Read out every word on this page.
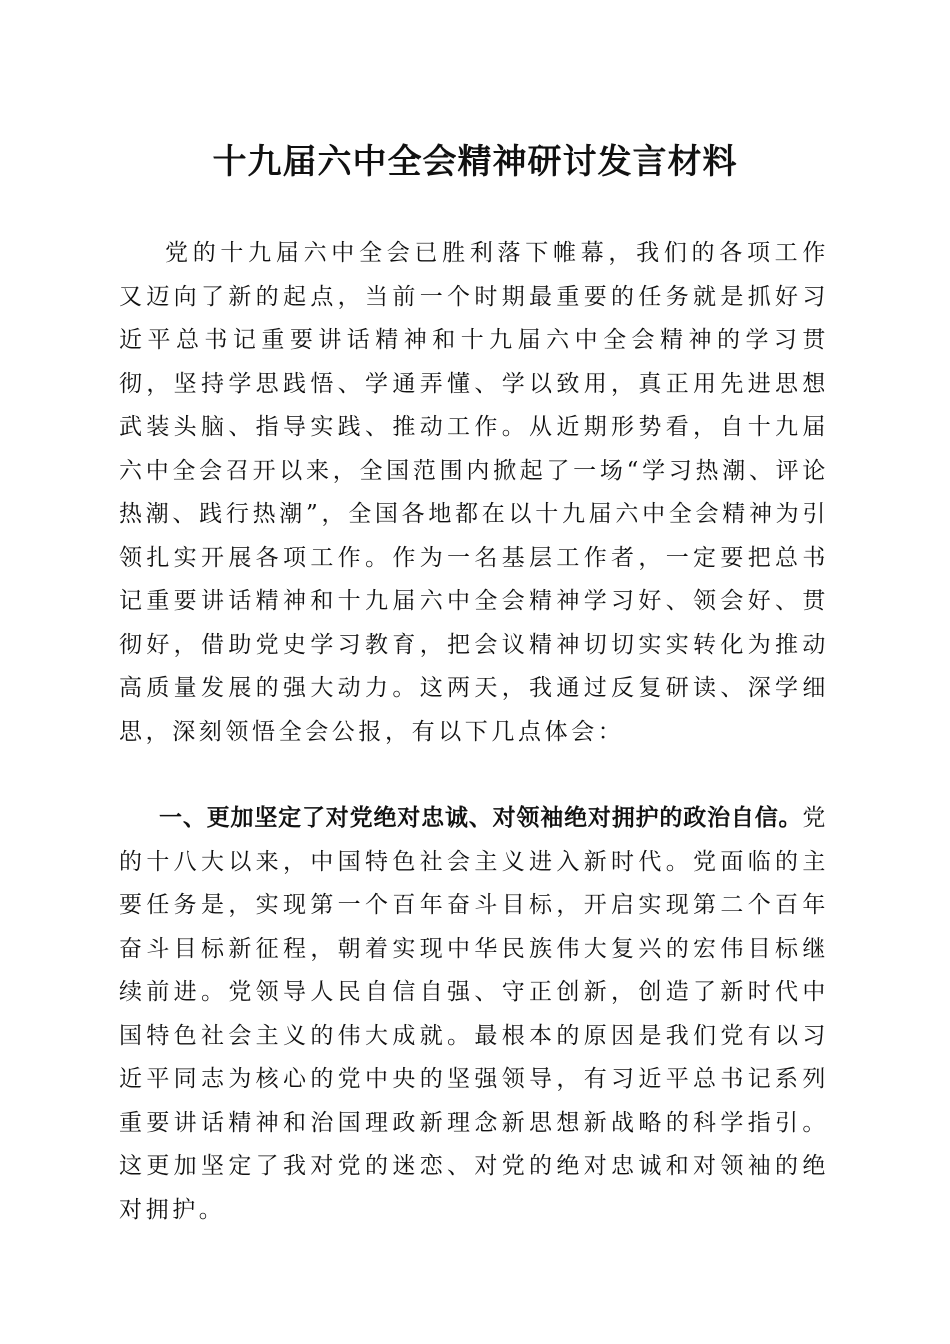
十九届六中全会精神研讨发言材料

党的十九届六中全会已胜利落下帷幕，我们的各项工作又迈向了新的起点，当前一个时期最重要的任务就是抓好习近平总书记重要讲话精神和十九届六中全会精神的学习贯彻，坚持学思践悟、学通弄懂、学以致用，真正用先进思想武装头脑、指导实践、推动工作。从近期形势看，自十九届六中全会召开以来，全国范围内掀起了一场“学习热潮、评论热潮、践行热潮”，全国各地都在以十九届六中全会精神为引领扎实开展各项工作。作为一名基层工作者，一定要把总书记重要讲话精神和十九届六中全会精神学习好、领会好、贯彻好，借助党史学习教育，把会议精神切切实实转化为推动高质量发展的强大动力。这两天，我通过反复研读、深学细思，深刻领悟全会公报，有以下几点体会：

一、更加坚定了对党绝对忠诚、对领袖绝对拥护的政治自信。党的十八大以来，中国特色社会主义进入新时代。党面临的主要任务是，实现第一个百年奋斗目标，开启实现第二个百年奋斗目标新征程，朝着实现中华民族伟大复兴的宏伟目标继续前进。党领导人民自信自强、守正创新，创造了新时代中国特色社会主义的伟大成就。最根本的原因是我们党有以习近平同志为核心的党中央的坚强领导，有习近平总书记系列重要讲话精神和治国理政新理念新思想新战略的科学指引。这更加坚定了我对党的迷恋、对党的绝对忠诚和对领袖的绝对拥护。
